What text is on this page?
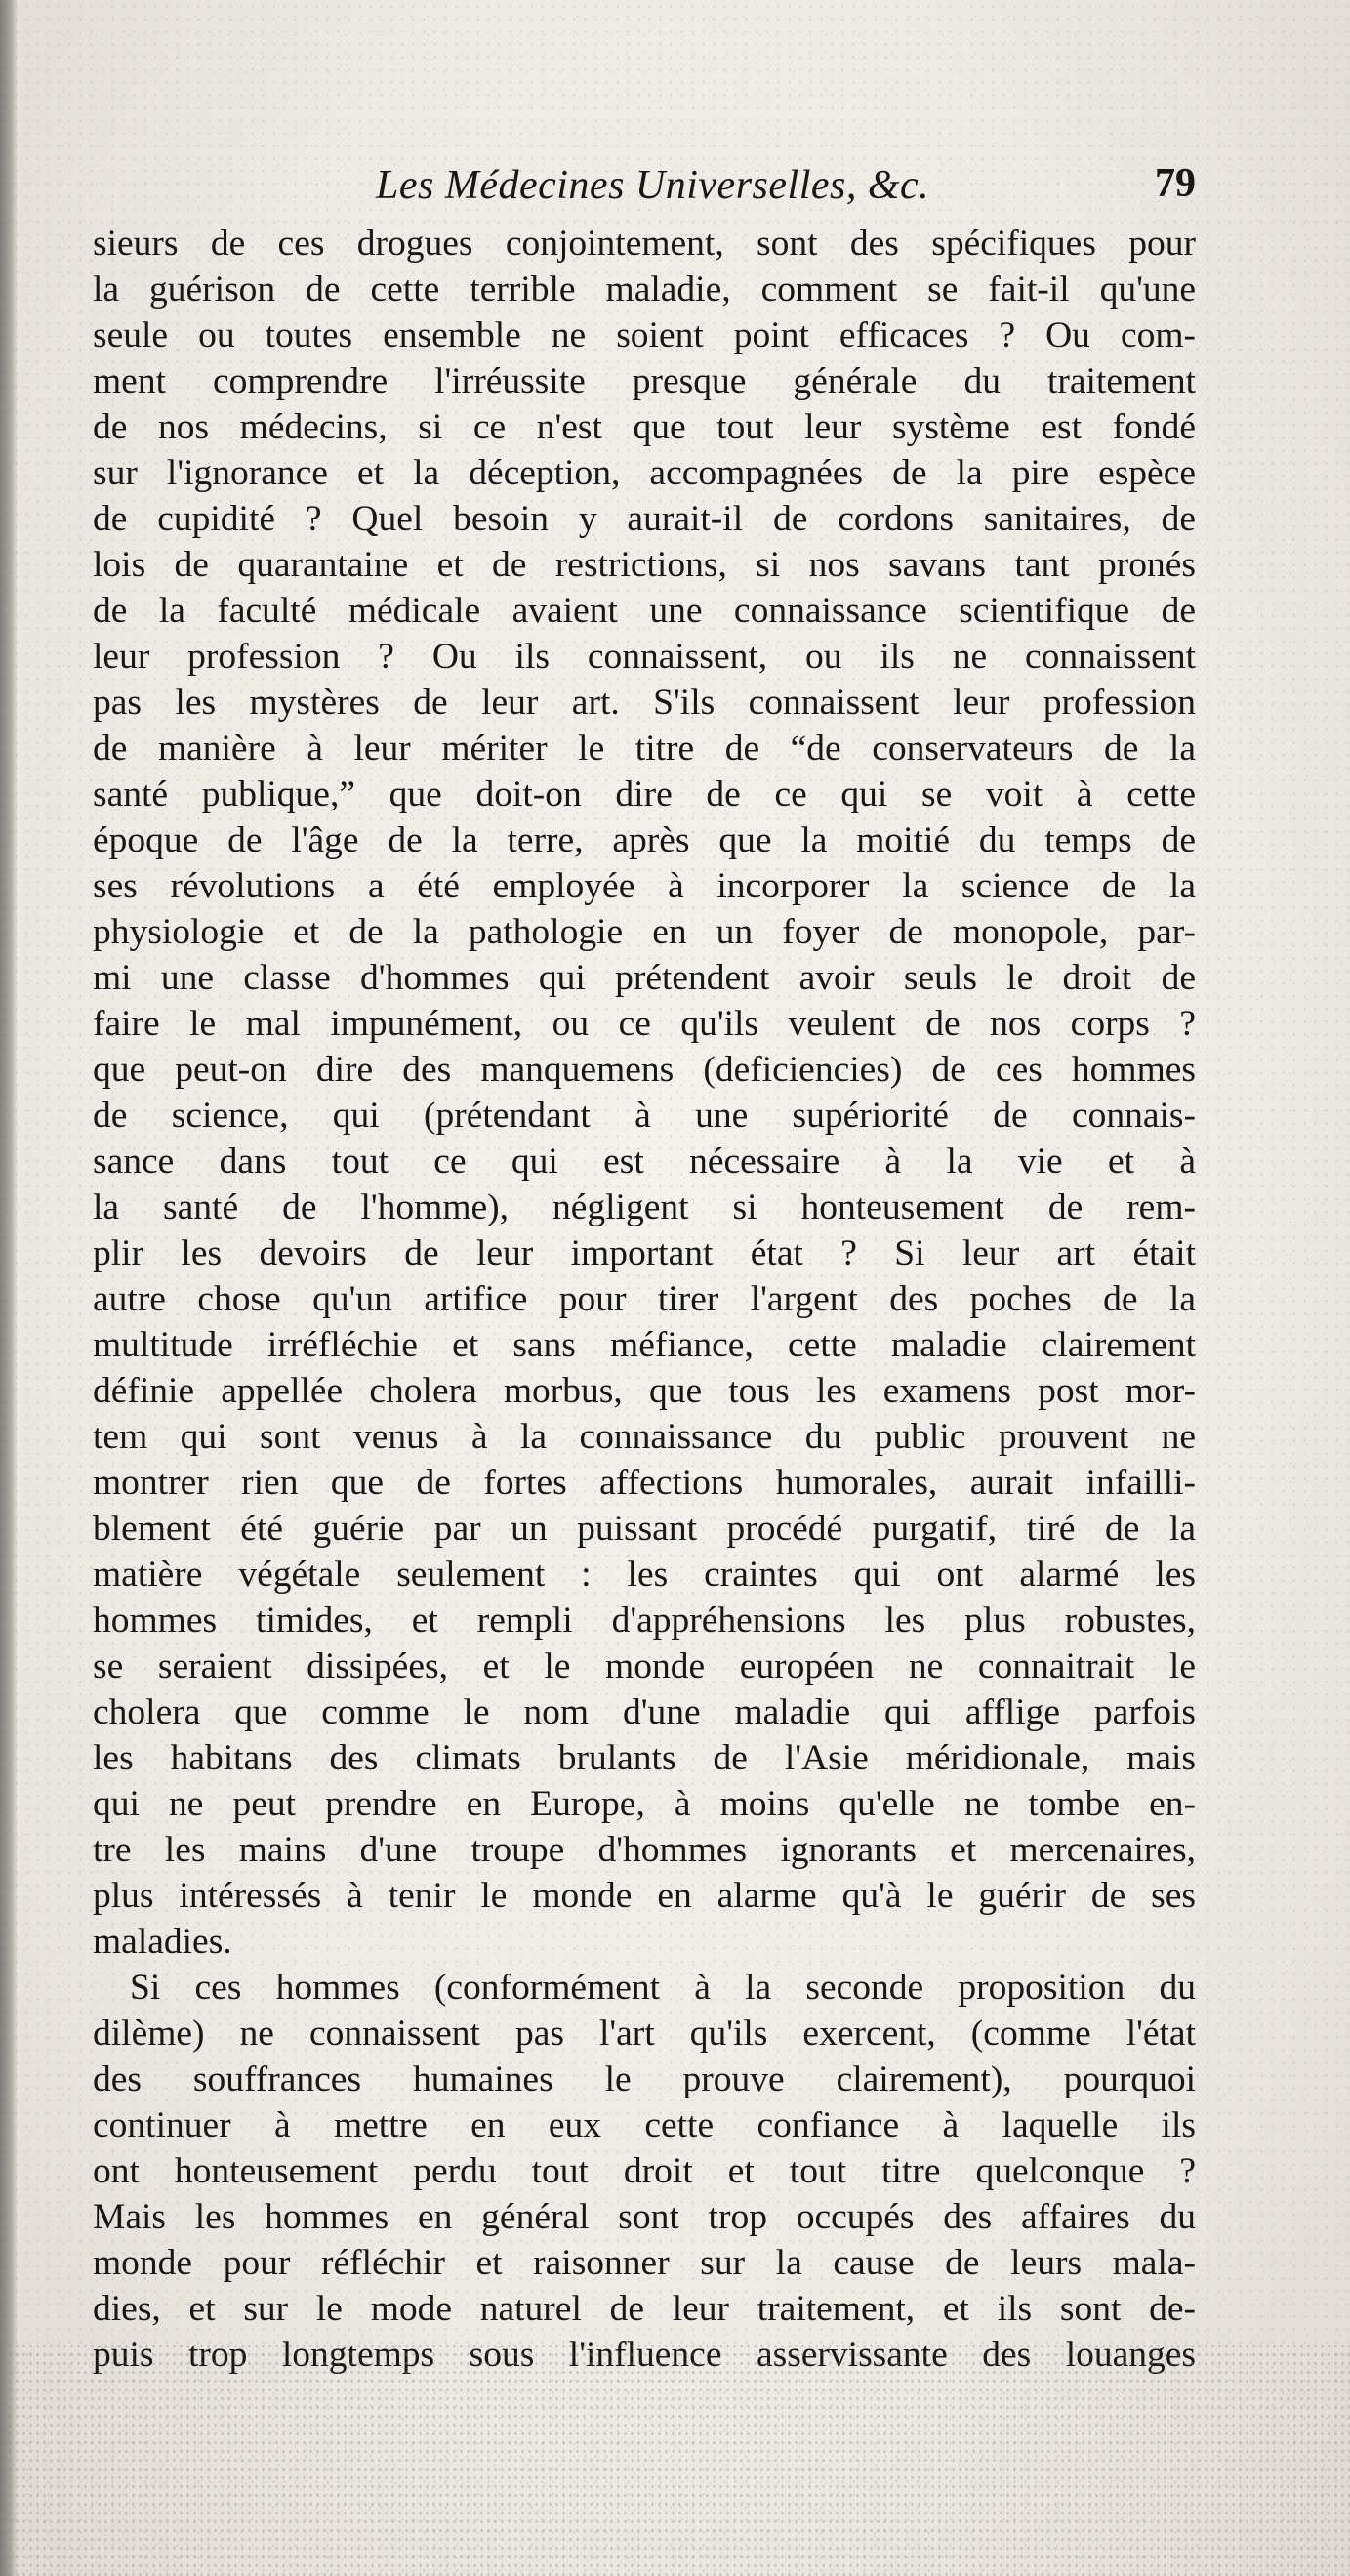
Les Médecines Universelles, &c.	79
sieurs de ces drogues conjointement, sont des spécifiques pour
la guérison de cette terrible maladie, comment se fait-il qu'une
seule ou toutes ensemble ne soient point efficaces ? Ou com-
ment comprendre l'irréussite presque générale du traitement
de nos médecins, si ce n'est que tout leur système est fondé
sur l'ignorance et la déception, accompagnées de la pire espèce
de cupidité ? Quel besoin y aurait-il de cordons sanitaires, de
lois de quarantaine et de restrictions, si nos savans tant pronés
de la faculté médicale avaient une connaissance scientifique de
leur profession ? Ou ils connaissent, ou ils ne connaissent
pas les mystères de leur art. S'ils connaissent leur profession
de manière à leur mériter le titre de “de conservateurs de la
santé publique,” que doit-on dire de ce qui se voit à cette
époque de l'âge de la terre, après que la moitié du temps de
ses révolutions a été employée à incorporer la science de la
physiologie et de la pathologie en un foyer de monopole, par-
mi une classe d'hommes qui prétendent avoir seuls le droit de
faire le mal impunément, ou ce qu'ils veulent de nos corps ?
que peut-on dire des manquemens (deficiencies) de ces hommes
de science, qui (prétendant à une supériorité de connais-
sance dans tout ce qui est nécessaire à la vie et à
la santé de l'homme), négligent si honteusement de rem-
plir les devoirs de leur important état ? Si leur art était
autre chose qu'un artifice pour tirer l'argent des poches de la
multitude irréfléchie et sans méfiance, cette maladie clairement
définie appellée cholera morbus, que tous les examens post mor-
tem qui sont venus à la connaissance du public prouvent ne
montrer rien que de fortes affections humorales, aurait infailli-
blement été guérie par un puissant procédé purgatif, tiré de la
matière végétale seulement : les craintes qui ont alarmé les
hommes timides, et rempli d'appréhensions les plus robustes,
se seraient dissipées, et le monde européen ne connaitrait le
cholera que comme le nom d'une maladie qui afflige parfois
les habitans des climats brulants de l'Asie méridionale, mais
qui ne peut prendre en Europe, à moins qu'elle ne tombe en-
tre les mains d'une troupe d'hommes ignorants et mercenaires,
plus intéressés à tenir le monde en alarme qu'à le guérir de ses
maladies.
Si ces hommes (conformément à la seconde proposition du
dilème) ne connaissent pas l'art qu'ils exercent, (comme l'état
des souffrances humaines le prouve clairement), pourquoi
continuer à mettre en eux cette confiance à laquelle ils
ont honteusement perdu tout droit et tout titre quelconque ?
Mais les hommes en général sont trop occupés des affaires du
monde pour réfléchir et raisonner sur la cause de leurs mala-
dies, et sur le mode naturel de leur traitement, et ils sont de-
puis trop longtemps sous l'influence asservissante des louanges
